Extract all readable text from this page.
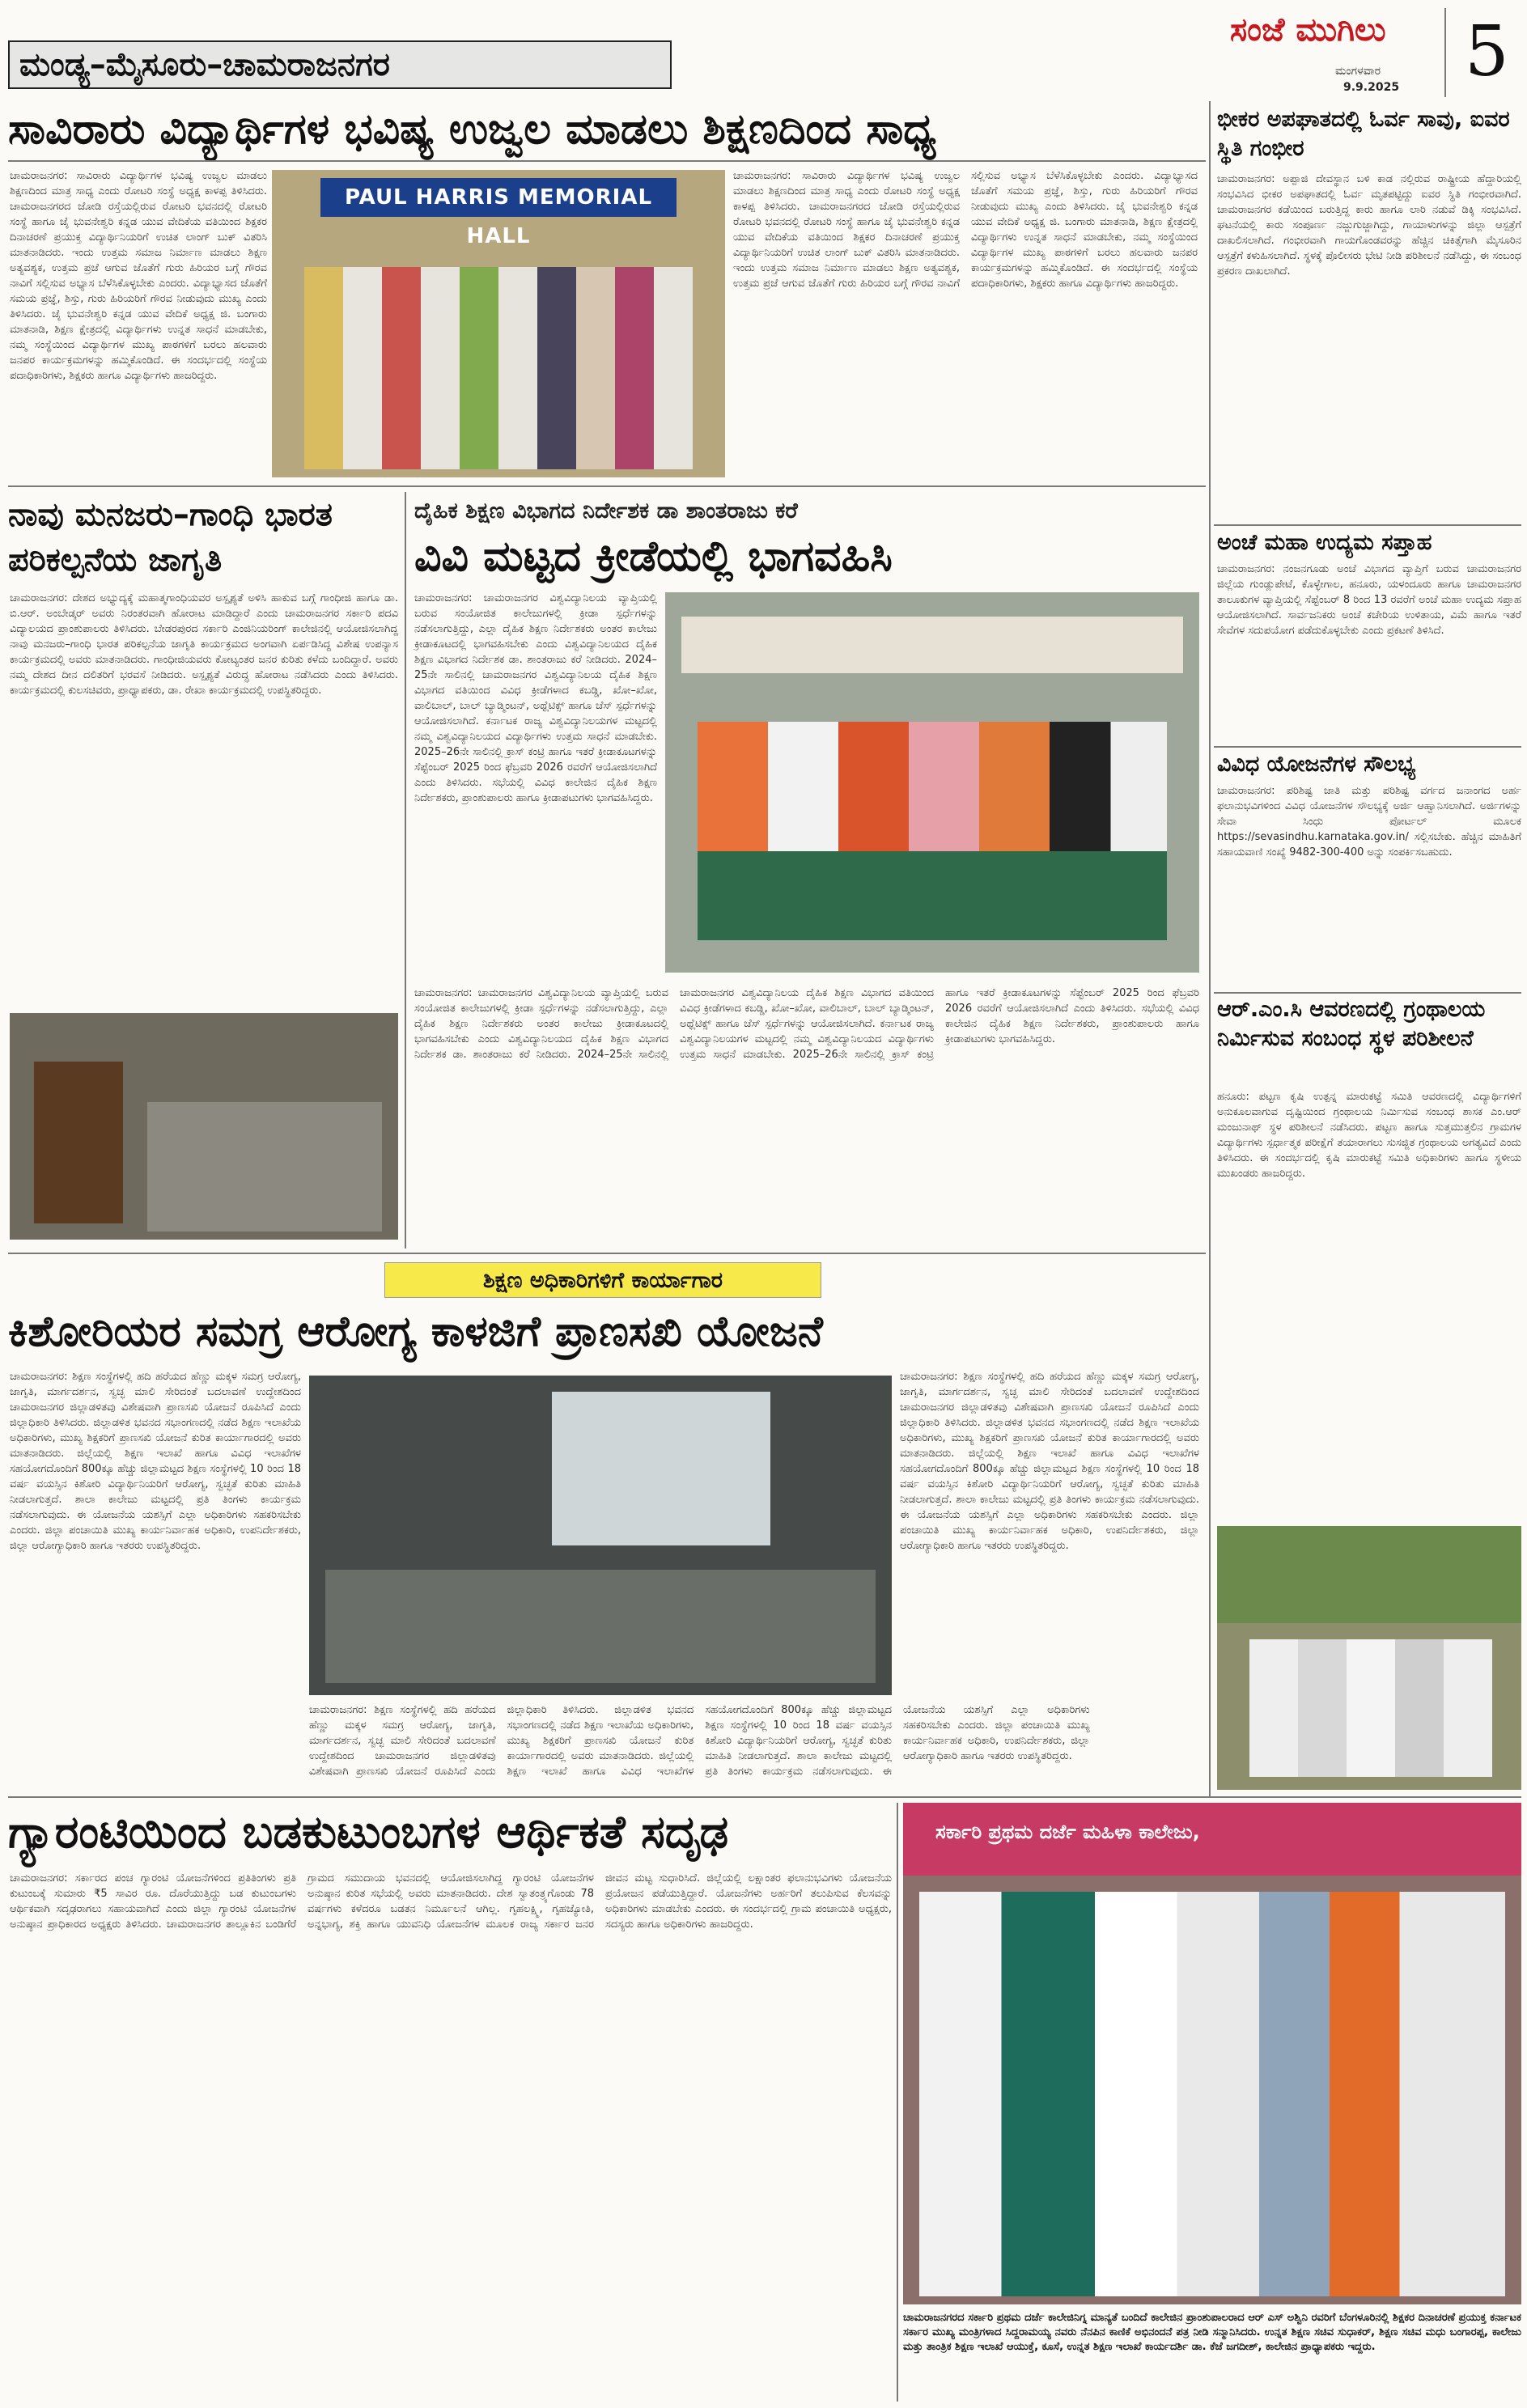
ಮಂಡ್ಯ–ಮೈಸೂರು–ಚಾಮರಾಜನಗರ
ಸಂಜೆ ಮುಗಿಲು
ಮಂಗಳವಾರ
9.9.2025 5
ಸಾವಿರಾರು ವಿದ್ಯಾರ್ಥಿಗಳ ಭವಿಷ್ಯ ಉಜ್ವಲ ಮಾಡಲು ಶಿಕ್ಷಣದಿಂದ ಸಾಧ್ಯ
ಚಾಮರಾಜನಗರ: ಸಾವಿರಾರು ವಿದ್ಯಾರ್ಥಿಗಳ ಭವಿಷ್ಯ ಉಜ್ವಲ ಮಾಡಲು ಶಿಕ್ಷಣದಿಂದ ಮಾತ್ರ ಸಾಧ್ಯ ಎಂದು ರೋಟರಿ ಸಂಸ್ಥೆ ಅಧ್ಯಕ್ಷ ಕಾಳಪ್ಪ ತಿಳಿಸಿದರು. ಚಾಮರಾಜನಗರದ ಜೋಡಿ ರಸ್ತೆಯಲ್ಲಿರುವ ರೋಟರಿ ಭವನದಲ್ಲಿ ರೋಟರಿ ಸಂಸ್ಥೆ ಹಾಗೂ ಜೈ ಭುವನೇಶ್ವರಿ ಕನ್ನಡ ಯುವ ವೇದಿಕೆಯ ವತಿಯಿಂದ ಶಿಕ್ಷಕರ ದಿನಾಚರಣೆ ಪ್ರಯುಕ್ತ ವಿದ್ಯಾರ್ಥಿನಿಯರಿಗೆ ಉಚಿತ ಲಾಂಗ್ ಬುಕ್ ವಿತರಿಸಿ ಮಾತನಾಡಿದರು. ಇಂದು ಉತ್ತಮ ಸಮಾಜ ನಿರ್ಮಾಣ ಮಾಡಲು ಶಿಕ್ಷಣ ಅತ್ಯವಶ್ಯಕ, ಉತ್ತಮ ಪ್ರಜೆ ಆಗುವ ಜೊತೆಗೆ ಗುರು ಹಿರಿಯರ ಬಗ್ಗೆ ಗೌರವ ನಾವಿಗೆ ಸಲ್ಲಿಸುವ ಅಭ್ಯಾಸ ಬೆಳೆಸಿಕೊಳ್ಳಬೇಕು ಎಂದರು. ವಿದ್ಯಾಭ್ಯಾಸದ ಜೊತೆಗೆ ಸಮಯ ಪ್ರಜ್ಞೆ, ಶಿಸ್ತು, ಗುರು ಹಿರಿಯರಿಗೆ ಗೌರವ ನೀಡುವುದು ಮುಖ್ಯ ಎಂದು ತಿಳಿಸಿದರು. ಜೈ ಭುವನೇಶ್ವರಿ ಕನ್ನಡ ಯುವ ವೇದಿಕೆ ಅಧ್ಯಕ್ಷ ಜಿ. ಬಂಗಾರು ಮಾತನಾಡಿ, ಶಿಕ್ಷಣ ಕ್ಷೇತ್ರದಲ್ಲಿ ವಿದ್ಯಾರ್ಥಿಗಳು ಉನ್ನತ ಸಾಧನೆ ಮಾಡಬೇಕು, ನಮ್ಮ ಸಂಸ್ಥೆಯಿಂದ ವಿದ್ಯಾರ್ಥಿಗಳ ಮುಖ್ಯ ಪಾಠಗಳಿಗೆ ಬರಲು ಹಲವಾರು ಜನಪರ ಕಾರ್ಯಕ್ರಮಗಳನ್ನು ಹಮ್ಮಿಕೊಂಡಿದೆ. ಈ ಸಂದರ್ಭದಲ್ಲಿ ಸಂಸ್ಥೆಯ ಪದಾಧಿಕಾರಿಗಳು, ಶಿಕ್ಷಕರು ಹಾಗೂ ವಿದ್ಯಾರ್ಥಿಗಳು ಹಾಜರಿದ್ದರು.
PAUL HARRIS MEMORIAL HALL
ಚಾಮರಾಜನಗರ: ಸಾವಿರಾರು ವಿದ್ಯಾರ್ಥಿಗಳ ಭವಿಷ್ಯ ಉಜ್ವಲ ಮಾಡಲು ಶಿಕ್ಷಣದಿಂದ ಮಾತ್ರ ಸಾಧ್ಯ ಎಂದು ರೋಟರಿ ಸಂಸ್ಥೆ ಅಧ್ಯಕ್ಷ ಕಾಳಪ್ಪ ತಿಳಿಸಿದರು. ಚಾಮರಾಜನಗರದ ಜೋಡಿ ರಸ್ತೆಯಲ್ಲಿರುವ ರೋಟರಿ ಭವನದಲ್ಲಿ ರೋಟರಿ ಸಂಸ್ಥೆ ಹಾಗೂ ಜೈ ಭುವನೇಶ್ವರಿ ಕನ್ನಡ ಯುವ ವೇದಿಕೆಯ ವತಿಯಿಂದ ಶಿಕ್ಷಕರ ದಿನಾಚರಣೆ ಪ್ರಯುಕ್ತ ವಿದ್ಯಾರ್ಥಿನಿಯರಿಗೆ ಉಚಿತ ಲಾಂಗ್ ಬುಕ್ ವಿತರಿಸಿ ಮಾತನಾಡಿದರು. ಇಂದು ಉತ್ತಮ ಸಮಾಜ ನಿರ್ಮಾಣ ಮಾಡಲು ಶಿಕ್ಷಣ ಅತ್ಯವಶ್ಯಕ, ಉತ್ತಮ ಪ್ರಜೆ ಆಗುವ ಜೊತೆಗೆ ಗುರು ಹಿರಿಯರ ಬಗ್ಗೆ ಗೌರವ ನಾವಿಗೆ ಸಲ್ಲಿಸುವ ಅಭ್ಯಾಸ ಬೆಳೆಸಿಕೊಳ್ಳಬೇಕು ಎಂದರು. ವಿದ್ಯಾಭ್ಯಾಸದ ಜೊತೆಗೆ ಸಮಯ ಪ್ರಜ್ಞೆ, ಶಿಸ್ತು, ಗುರು ಹಿರಿಯರಿಗೆ ಗೌರವ ನೀಡುವುದು ಮುಖ್ಯ ಎಂದು ತಿಳಿಸಿದರು. ಜೈ ಭುವನೇಶ್ವರಿ ಕನ್ನಡ ಯುವ ವೇದಿಕೆ ಅಧ್ಯಕ್ಷ ಜಿ. ಬಂಗಾರು ಮಾತನಾಡಿ, ಶಿಕ್ಷಣ ಕ್ಷೇತ್ರದಲ್ಲಿ ವಿದ್ಯಾರ್ಥಿಗಳು ಉನ್ನತ ಸಾಧನೆ ಮಾಡಬೇಕು, ನಮ್ಮ ಸಂಸ್ಥೆಯಿಂದ ವಿದ್ಯಾರ್ಥಿಗಳ ಮುಖ್ಯ ಪಾಠಗಳಿಗೆ ಬರಲು ಹಲವಾರು ಜನಪರ ಕಾರ್ಯಕ್ರಮಗಳನ್ನು ಹಮ್ಮಿಕೊಂಡಿದೆ. ಈ ಸಂದರ್ಭದಲ್ಲಿ ಸಂಸ್ಥೆಯ ಪದಾಧಿಕಾರಿಗಳು, ಶಿಕ್ಷಕರು ಹಾಗೂ ವಿದ್ಯಾರ್ಥಿಗಳು ಹಾಜರಿದ್ದರು.
ನಾವು ಮನಜರು–ಗಾಂಧಿ ಭಾರತ ಪರಿಕಲ್ಪನೆಯ ಜಾಗೃತಿ
ಚಾಮರಾಜನಗರ: ದೇಶದ ಅಭ್ಯುದ್ಯಕ್ಕೆ ಮಹಾತ್ಮಗಾಂಧಿಯವರ ಅಸ್ಪೃಶ್ಯತೆ ಅಳಿಸಿ ಹಾಕುವ ಬಗ್ಗೆ ಗಾಂಧೀಜಿ ಹಾಗೂ ಡಾ. ಬಿ.ಆರ್. ಅಂಬೇಡ್ಕರ್ ಅವರು ನಿರಂತರವಾಗಿ ಹೋರಾಟ ಮಾಡಿದ್ದಾರೆ ಎಂದು ಚಾಮರಾಜನಗರ ಸರ್ಕಾರಿ ಪದವಿ ವಿದ್ಯಾಲಯದ ಪ್ರಾಂಶುಪಾಲರು ತಿಳಿಸಿದರು. ಬೇಡರಪುರದ ಸರ್ಕಾರಿ ಎಂಜಿನಿಯರಿಂಗ್ ಕಾಲೇಜಿನಲ್ಲಿ ಆಯೋಜಿಸಲಾಗಿದ್ದ ನಾವು ಮನಜರು–ಗಾಂಧಿ ಭಾರತ ಪರಿಕಲ್ಪನೆಯ ಜಾಗೃತಿ ಕಾರ್ಯಕ್ರಮದ ಅಂಗವಾಗಿ ಏರ್ಪಡಿಸಿದ್ದ ವಿಶೇಷ ಉಪನ್ಯಾಸ ಕಾರ್ಯಕ್ರಮದಲ್ಲಿ ಅವರು ಮಾತನಾಡಿದರು. ಗಾಂಧೀಜಿಯವರು ಕೋಟ್ಯಂತರ ಜನರ ಕುರಿತು ಕಳೆದು ಬಂದಿದ್ದಾರೆ. ಅವರು ನಮ್ಮ ದೇಶದ ದೀನ ದಲಿತರಿಗೆ ಭರವಸೆ ನೀಡಿದರು. ಅಸ್ಪೃಶ್ಯತೆ ವಿರುದ್ಧ ಹೋರಾಟ ನಡೆಸಿದರು ಎಂದು ತಿಳಿಸಿದರು. ಕಾರ್ಯಕ್ರಮದಲ್ಲಿ ಕುಲಸಚಿವರು, ಪ್ರಾಧ್ಯಾಪಕರು, ಡಾ. ರೇಖಾ ಕಾರ್ಯಕ್ರಮದಲ್ಲಿ ಉಪಸ್ಥಿತರಿದ್ದರು.
ದೈಹಿಕ ಶಿಕ್ಷಣ ವಿಭಾಗದ ನಿರ್ದೇಶಕ ಡಾ ಶಾಂತರಾಜು ಕರೆ
ವಿವಿ ಮಟ್ಟದ ಕ್ರೀಡೆಯಲ್ಲಿ ಭಾಗವಹಿಸಿ
ಚಾಮರಾಜನಗರ: ಚಾಮರಾಜನಗರ ವಿಶ್ವವಿದ್ಯಾನಿಲಯ ವ್ಯಾಪ್ತಿಯಲ್ಲಿ ಬರುವ ಸಂಯೋಜಿತ ಕಾಲೇಜುಗಳಲ್ಲಿ ಕ್ರೀಡಾ ಸ್ಪರ್ಧೆಗಳನ್ನು ನಡೆಸಲಾಗುತ್ತಿದ್ದು, ಎಲ್ಲಾ ದೈಹಿಕ ಶಿಕ್ಷಣ ನಿರ್ದೇಶಕರು ಅಂತರ ಕಾಲೇಜು ಕ್ರೀಡಾಕೂಟದಲ್ಲಿ ಭಾಗವಹಿಸಬೇಕು ಎಂದು ವಿಶ್ವವಿದ್ಯಾನಿಲಯದ ದೈಹಿಕ ಶಿಕ್ಷಣ ವಿಭಾಗದ ನಿರ್ದೇಶಕ ಡಾ. ಶಾಂತರಾಜು ಕರೆ ನೀಡಿದರು. 2024–25ನೇ ಸಾಲಿನಲ್ಲಿ ಚಾಮರಾಜನಗರ ವಿಶ್ವವಿದ್ಯಾನಿಲಯ ದೈಹಿಕ ಶಿಕ್ಷಣ ವಿಭಾಗದ ವತಿಯಿಂದ ವಿವಿಧ ಕ್ರೀಡೆಗಳಾದ ಕಬಡ್ಡಿ, ಖೋ–ಖೋ, ವಾಲಿಬಾಲ್, ಬಾಲ್ ಬ್ಯಾಡ್ಮಿಂಟನ್, ಅಥ್ಲೆಟಿಕ್ಸ್ ಹಾಗೂ ಚೆಸ್ ಸ್ಪರ್ಧೆಗಳನ್ನು ಆಯೋಜಿಸಲಾಗಿದೆ. ಕರ್ನಾಟಕ ರಾಜ್ಯ ವಿಶ್ವವಿದ್ಯಾನಿಲಯಗಳ ಮಟ್ಟದಲ್ಲಿ ನಮ್ಮ ವಿಶ್ವವಿದ್ಯಾನಿಲಯದ ವಿದ್ಯಾರ್ಥಿಗಳು ಉತ್ತಮ ಸಾಧನೆ ಮಾಡಬೇಕು. 2025–26ನೇ ಸಾಲಿನಲ್ಲಿ ಕ್ರಾಸ್ ಕಂಟ್ರಿ ಹಾಗೂ ಇತರೆ ಕ್ರೀಡಾಕೂಟಗಳನ್ನು ಸೆಪ್ಟೆಂಬರ್ 2025 ರಿಂದ ಫೆಬ್ರವರಿ 2026 ರವರೆಗೆ ಆಯೋಜಿಸಲಾಗಿದೆ ಎಂದು ತಿಳಿಸಿದರು. ಸಭೆಯಲ್ಲಿ ವಿವಿಧ ಕಾಲೇಜಿನ ದೈಹಿಕ ಶಿಕ್ಷಣ ನಿರ್ದೇಶಕರು, ಪ್ರಾಂಶುಪಾಲರು ಹಾಗೂ ಕ್ರೀಡಾಪಟುಗಳು ಭಾಗವಹಿಸಿದ್ದರು.
ಚಾಮರಾಜನಗರ: ಚಾಮರಾಜನಗರ ವಿಶ್ವವಿದ್ಯಾನಿಲಯ ವ್ಯಾಪ್ತಿಯಲ್ಲಿ ಬರುವ ಸಂಯೋಜಿತ ಕಾಲೇಜುಗಳಲ್ಲಿ ಕ್ರೀಡಾ ಸ್ಪರ್ಧೆಗಳನ್ನು ನಡೆಸಲಾಗುತ್ತಿದ್ದು, ಎಲ್ಲಾ ದೈಹಿಕ ಶಿಕ್ಷಣ ನಿರ್ದೇಶಕರು ಅಂತರ ಕಾಲೇಜು ಕ್ರೀಡಾಕೂಟದಲ್ಲಿ ಭಾಗವಹಿಸಬೇಕು ಎಂದು ವಿಶ್ವವಿದ್ಯಾನಿಲಯದ ದೈಹಿಕ ಶಿಕ್ಷಣ ವಿಭಾಗದ ನಿರ್ದೇಶಕ ಡಾ. ಶಾಂತರಾಜು ಕರೆ ನೀಡಿದರು. 2024–25ನೇ ಸಾಲಿನಲ್ಲಿ ಚಾಮರಾಜನಗರ ವಿಶ್ವವಿದ್ಯಾನಿಲಯ ದೈಹಿಕ ಶಿಕ್ಷಣ ವಿಭಾಗದ ವತಿಯಿಂದ ವಿವಿಧ ಕ್ರೀಡೆಗಳಾದ ಕಬಡ್ಡಿ, ಖೋ–ಖೋ, ವಾಲಿಬಾಲ್, ಬಾಲ್ ಬ್ಯಾಡ್ಮಿಂಟನ್, ಅಥ್ಲೆಟಿಕ್ಸ್ ಹಾಗೂ ಚೆಸ್ ಸ್ಪರ್ಧೆಗಳನ್ನು ಆಯೋಜಿಸಲಾಗಿದೆ. ಕರ್ನಾಟಕ ರಾಜ್ಯ ವಿಶ್ವವಿದ್ಯಾನಿಲಯಗಳ ಮಟ್ಟದಲ್ಲಿ ನಮ್ಮ ವಿಶ್ವವಿದ್ಯಾನಿಲಯದ ವಿದ್ಯಾರ್ಥಿಗಳು ಉತ್ತಮ ಸಾಧನೆ ಮಾಡಬೇಕು. 2025–26ನೇ ಸಾಲಿನಲ್ಲಿ ಕ್ರಾಸ್ ಕಂಟ್ರಿ ಹಾಗೂ ಇತರೆ ಕ್ರೀಡಾಕೂಟಗಳನ್ನು ಸೆಪ್ಟೆಂಬರ್ 2025 ರಿಂದ ಫೆಬ್ರವರಿ 2026 ರವರೆಗೆ ಆಯೋಜಿಸಲಾಗಿದೆ ಎಂದು ತಿಳಿಸಿದರು. ಸಭೆಯಲ್ಲಿ ವಿವಿಧ ಕಾಲೇಜಿನ ದೈಹಿಕ ಶಿಕ್ಷಣ ನಿರ್ದೇಶಕರು, ಪ್ರಾಂಶುಪಾಲರು ಹಾಗೂ ಕ್ರೀಡಾಪಟುಗಳು ಭಾಗವಹಿಸಿದ್ದರು.
ಶಿಕ್ಷಣ ಅಧಿಕಾರಿಗಳಿಗೆ ಕಾರ್ಯಾಗಾರ
ಕಿಶೋರಿಯರ ಸಮಗ್ರ ಆರೋಗ್ಯ ಕಾಳಜಿಗೆ ಪ್ರಾಣಸಖಿ ಯೋಜನೆ
ಚಾಮರಾಜನಗರ: ಶಿಕ್ಷಣ ಸಂಸ್ಥೆಗಳಲ್ಲಿ ಹದಿ ಹರೆಯದ ಹೆಣ್ಣು ಮಕ್ಕಳ ಸಮಗ್ರ ಆರೋಗ್ಯ, ಜಾಗೃತಿ, ಮಾರ್ಗದರ್ಶನ, ಸ್ವಚ್ಛ ಮಾಲಿ ಸೇರಿದಂತೆ ಬದಲಾವಣೆ ಉದ್ದೇಶದಿಂದ ಚಾಮರಾಜನಗರ ಜಿಲ್ಲಾಡಳಿತವು ವಿಶೇಷವಾಗಿ ಪ್ರಾಣಸಖಿ ಯೋಜನೆ ರೂಪಿಸಿದೆ ಎಂದು ಜಿಲ್ಲಾಧಿಕಾರಿ ತಿಳಿಸಿದರು. ಜಿಲ್ಲಾಡಳಿತ ಭವನದ ಸಭಾಂಗಣದಲ್ಲಿ ನಡೆದ ಶಿಕ್ಷಣ ಇಲಾಖೆಯ ಅಧಿಕಾರಿಗಳು, ಮುಖ್ಯ ಶಿಕ್ಷಕರಿಗೆ ಪ್ರಾಣಸಖಿ ಯೋಜನೆ ಕುರಿತ ಕಾರ್ಯಾಗಾರದಲ್ಲಿ ಅವರು ಮಾತನಾಡಿದರು. ಜಿಲ್ಲೆಯಲ್ಲಿ ಶಿಕ್ಷಣ ಇಲಾಖೆ ಹಾಗೂ ವಿವಿಧ ಇಲಾಖೆಗಳ ಸಹಯೋಗದೊಂದಿಗೆ 800ಕ್ಕೂ ಹೆಚ್ಚು ಜಿಲ್ಲಾಮಟ್ಟದ ಶಿಕ್ಷಣ ಸಂಸ್ಥೆಗಳಲ್ಲಿ 10 ರಿಂದ 18 ವರ್ಷ ವಯಸ್ಸಿನ ಕಿಶೋರಿ ವಿದ್ಯಾರ್ಥಿನಿಯರಿಗೆ ಆರೋಗ್ಯ, ಸ್ವಚ್ಛತೆ ಕುರಿತು ಮಾಹಿತಿ ನೀಡಲಾಗುತ್ತದೆ. ಶಾಲಾ ಕಾಲೇಜು ಮಟ್ಟದಲ್ಲಿ ಪ್ರತಿ ತಿಂಗಳು ಕಾರ್ಯಕ್ರಮ ನಡೆಸಲಾಗುವುದು. ಈ ಯೋಜನೆಯ ಯಶಸ್ಸಿಗೆ ಎಲ್ಲಾ ಅಧಿಕಾರಿಗಳು ಸಹಕರಿಸಬೇಕು ಎಂದರು. ಜಿಲ್ಲಾ ಪಂಚಾಯಿತಿ ಮುಖ್ಯ ಕಾರ್ಯನಿರ್ವಾಹಕ ಅಧಿಕಾರಿ, ಉಪನಿರ್ದೇಶಕರು, ಜಿಲ್ಲಾ ಆರೋಗ್ಯಾಧಿಕಾರಿ ಹಾಗೂ ಇತರರು ಉಪಸ್ಥಿತರಿದ್ದರು.
ಚಾಮರಾಜನಗರ: ಶಿಕ್ಷಣ ಸಂಸ್ಥೆಗಳಲ್ಲಿ ಹದಿ ಹರೆಯದ ಹೆಣ್ಣು ಮಕ್ಕಳ ಸಮಗ್ರ ಆರೋಗ್ಯ, ಜಾಗೃತಿ, ಮಾರ್ಗದರ್ಶನ, ಸ್ವಚ್ಛ ಮಾಲಿ ಸೇರಿದಂತೆ ಬದಲಾವಣೆ ಉದ್ದೇಶದಿಂದ ಚಾಮರಾಜನಗರ ಜಿಲ್ಲಾಡಳಿತವು ವಿಶೇಷವಾಗಿ ಪ್ರಾಣಸಖಿ ಯೋಜನೆ ರೂಪಿಸಿದೆ ಎಂದು ಜಿಲ್ಲಾಧಿಕಾರಿ ತಿಳಿಸಿದರು. ಜಿಲ್ಲಾಡಳಿತ ಭವನದ ಸಭಾಂಗಣದಲ್ಲಿ ನಡೆದ ಶಿಕ್ಷಣ ಇಲಾಖೆಯ ಅಧಿಕಾರಿಗಳು, ಮುಖ್ಯ ಶಿಕ್ಷಕರಿಗೆ ಪ್ರಾಣಸಖಿ ಯೋಜನೆ ಕುರಿತ ಕಾರ್ಯಾಗಾರದಲ್ಲಿ ಅವರು ಮಾತನಾಡಿದರು. ಜಿಲ್ಲೆಯಲ್ಲಿ ಶಿಕ್ಷಣ ಇಲಾಖೆ ಹಾಗೂ ವಿವಿಧ ಇಲಾಖೆಗಳ ಸಹಯೋಗದೊಂದಿಗೆ 800ಕ್ಕೂ ಹೆಚ್ಚು ಜಿಲ್ಲಾಮಟ್ಟದ ಶಿಕ್ಷಣ ಸಂಸ್ಥೆಗಳಲ್ಲಿ 10 ರಿಂದ 18 ವರ್ಷ ವಯಸ್ಸಿನ ಕಿಶೋರಿ ವಿದ್ಯಾರ್ಥಿನಿಯರಿಗೆ ಆರೋಗ್ಯ, ಸ್ವಚ್ಛತೆ ಕುರಿತು ಮಾಹಿತಿ ನೀಡಲಾಗುತ್ತದೆ. ಶಾಲಾ ಕಾಲೇಜು ಮಟ್ಟದಲ್ಲಿ ಪ್ರತಿ ತಿಂಗಳು ಕಾರ್ಯಕ್ರಮ ನಡೆಸಲಾಗುವುದು. ಈ ಯೋಜನೆಯ ಯಶಸ್ಸಿಗೆ ಎಲ್ಲಾ ಅಧಿಕಾರಿಗಳು ಸಹಕರಿಸಬೇಕು ಎಂದರು. ಜಿಲ್ಲಾ ಪಂಚಾಯಿತಿ ಮುಖ್ಯ ಕಾರ್ಯನಿರ್ವಾಹಕ ಅಧಿಕಾರಿ, ಉಪನಿರ್ದೇಶಕರು, ಜಿಲ್ಲಾ ಆರೋಗ್ಯಾಧಿಕಾರಿ ಹಾಗೂ ಇತರರು ಉಪಸ್ಥಿತರಿದ್ದರು.
ಚಾಮರಾಜನಗರ: ಶಿಕ್ಷಣ ಸಂಸ್ಥೆಗಳಲ್ಲಿ ಹದಿ ಹರೆಯದ ಹೆಣ್ಣು ಮಕ್ಕಳ ಸಮಗ್ರ ಆರೋಗ್ಯ, ಜಾಗೃತಿ, ಮಾರ್ಗದರ್ಶನ, ಸ್ವಚ್ಛ ಮಾಲಿ ಸೇರಿದಂತೆ ಬದಲಾವಣೆ ಉದ್ದೇಶದಿಂದ ಚಾಮರಾಜನಗರ ಜಿಲ್ಲಾಡಳಿತವು ವಿಶೇಷವಾಗಿ ಪ್ರಾಣಸಖಿ ಯೋಜನೆ ರೂಪಿಸಿದೆ ಎಂದು ಜಿಲ್ಲಾಧಿಕಾರಿ ತಿಳಿಸಿದರು. ಜಿಲ್ಲಾಡಳಿತ ಭವನದ ಸಭಾಂಗಣದಲ್ಲಿ ನಡೆದ ಶಿಕ್ಷಣ ಇಲಾಖೆಯ ಅಧಿಕಾರಿಗಳು, ಮುಖ್ಯ ಶಿಕ್ಷಕರಿಗೆ ಪ್ರಾಣಸಖಿ ಯೋಜನೆ ಕುರಿತ ಕಾರ್ಯಾಗಾರದಲ್ಲಿ ಅವರು ಮಾತನಾಡಿದರು. ಜಿಲ್ಲೆಯಲ್ಲಿ ಶಿಕ್ಷಣ ಇಲಾಖೆ ಹಾಗೂ ವಿವಿಧ ಇಲಾಖೆಗಳ ಸಹಯೋಗದೊಂದಿಗೆ 800ಕ್ಕೂ ಹೆಚ್ಚು ಜಿಲ್ಲಾಮಟ್ಟದ ಶಿಕ್ಷಣ ಸಂಸ್ಥೆಗಳಲ್ಲಿ 10 ರಿಂದ 18 ವರ್ಷ ವಯಸ್ಸಿನ ಕಿಶೋರಿ ವಿದ್ಯಾರ್ಥಿನಿಯರಿಗೆ ಆರೋಗ್ಯ, ಸ್ವಚ್ಛತೆ ಕುರಿತು ಮಾಹಿತಿ ನೀಡಲಾಗುತ್ತದೆ. ಶಾಲಾ ಕಾಲೇಜು ಮಟ್ಟದಲ್ಲಿ ಪ್ರತಿ ತಿಂಗಳು ಕಾರ್ಯಕ್ರಮ ನಡೆಸಲಾಗುವುದು. ಈ ಯೋಜನೆಯ ಯಶಸ್ಸಿಗೆ ಎಲ್ಲಾ ಅಧಿಕಾರಿಗಳು ಸಹಕರಿಸಬೇಕು ಎಂದರು. ಜಿಲ್ಲಾ ಪಂಚಾಯಿತಿ ಮುಖ್ಯ ಕಾರ್ಯನಿರ್ವಾಹಕ ಅಧಿಕಾರಿ, ಉಪನಿರ್ದೇಶಕರು, ಜಿಲ್ಲಾ ಆರೋಗ್ಯಾಧಿಕಾರಿ ಹಾಗೂ ಇತರರು ಉಪಸ್ಥಿತರಿದ್ದರು.
ಗ್ಯಾರಂಟಿಯಿಂದ ಬಡಕುಟುಂಬಗಳ ಆರ್ಥಿಕತೆ ಸದೃಢ
ಚಾಮರಾಜನಗರ: ಸರ್ಕಾರದ ಪಂಚ ಗ್ಯಾರಂಟಿ ಯೋಜನೆಗಳಿಂದ ಪ್ರತಿತಿಂಗಳು ಪ್ರತಿ ಕುಟುಂಬಕ್ಕೆ ಸುಮಾರು ₹5 ಸಾವಿರ ರೂ. ದೊರೆಯುತ್ತಿದ್ದು ಬಡ ಕುಟುಂಬಗಳು ಆರ್ಥಿಕವಾಗಿ ಸದೃಢರಾಗಲು ಸಹಾಯವಾಗಿದೆ ಎಂದು ಜಿಲ್ಲಾ ಗ್ಯಾರಂಟಿ ಯೋಜನೆಗಳ ಅನುಷ್ಠಾನ ಪ್ರಾಧಿಕಾರದ ಅಧ್ಯಕ್ಷರು ತಿಳಿಸಿದರು. ಚಾಮರಾಜನಗರ ತಾಲ್ಲೂಕಿನ ಬಂಡಿಗೆರೆ ಗ್ರಾಮದ ಸಮುದಾಯ ಭವನದಲ್ಲಿ ಆಯೋಜಿಸಲಾಗಿದ್ದ ಗ್ಯಾರಂಟಿ ಯೋಜನೆಗಳ ಅನುಷ್ಠಾನ ಕುರಿತ ಸಭೆಯಲ್ಲಿ ಅವರು ಮಾತನಾಡಿದರು. ದೇಶ ಸ್ವಾತಂತ್ರ್ಯಗೊಂಡು 78 ವರ್ಷಗಳು ಕಳೆದರೂ ಬಡತನ ನಿರ್ಮೂಲನೆ ಆಗಿಲ್ಲ. ಗೃಹಲಕ್ಷ್ಮಿ, ಗೃಹಜ್ಯೋತಿ, ಅನ್ನಭಾಗ್ಯ, ಶಕ್ತಿ ಹಾಗೂ ಯುವನಿಧಿ ಯೋಜನೆಗಳ ಮೂಲಕ ರಾಜ್ಯ ಸರ್ಕಾರ ಜನರ ಜೀವನ ಮಟ್ಟ ಸುಧಾರಿಸಿದೆ. ಜಿಲ್ಲೆಯಲ್ಲಿ ಲಕ್ಷಾಂತರ ಫಲಾನುಭವಿಗಳು ಯೋಜನೆಯ ಪ್ರಯೋಜನ ಪಡೆಯುತ್ತಿದ್ದಾರೆ. ಯೋಜನೆಗಳು ಅರ್ಹರಿಗೆ ತಲುಪಿಸುವ ಕೆಲಸವನ್ನು ಅಧಿಕಾರಿಗಳು ಮಾಡಬೇಕು ಎಂದರು. ಈ ಸಂದರ್ಭದಲ್ಲಿ ಗ್ರಾಮ ಪಂಚಾಯಿತಿ ಅಧ್ಯಕ್ಷರು, ಸದಸ್ಯರು ಹಾಗೂ ಅಧಿಕಾರಿಗಳು ಹಾಜರಿದ್ದರು.
ಸರ್ಕಾರಿ ಪ್ರಥಮ ದರ್ಜೆ ಮಹಿಳಾ ಕಾಲೇಜು,
ಚಾಮರಾಜನಗರದ ಸರ್ಕಾರಿ ಪ್ರಥಮ ದರ್ಜೆ ಕಾಲೇಜಿನಿಗ್ನ ಮಾನ್ಯತೆ ಬಂದಿದೆ ಕಾಲೇಜಿನ ಪ್ರಾಂಶುಪಾಲರಾದ ಆರ್ ಎಸ್ ಅಶ್ವಿನಿ ರವರಿಗೆ ಬೆಂಗಳೂರಿನಲ್ಲಿ ಶಿಕ್ಷಕರ ದಿನಾಚರಣೆ ಪ್ರಯುಕ್ತ ಕರ್ನಾಟಕ ಸರ್ಕಾರ ಮುಖ್ಯ ಮಂತ್ರಿಗಳಾದ ಸಿದ್ದರಾಮಯ್ಯ ನವರು ನೆನಪಿನ ಕಾಣಿಕೆ ಅಭಿನಂದನೆ ಪತ್ರ ನೀಡಿ ಸನ್ಮಾನಿಸಿದರು. ಉನ್ನತ ಶಿಕ್ಷಣ ಸಚಿವ ಸುಧಾಕರ್, ಶಿಕ್ಷಣ ಸಚಿವ ಮಧು ಬಂಗಾರಪ್ಪ, ಕಾಲೇಜು ಮತ್ತು ತಾಂತ್ರಿಕ ಶಿಕ್ಷಣ ಇಲಾಖೆ ಆಯುಕ್ತೆ, ಕೂಸೆ, ಉನ್ನತ ಶಿಕ್ಷಣ ಇಲಾಖೆ ಕಾರ್ಯದರ್ಶಿ ಡಾ. ಕೆಜೆ ಜಗದೀಶ್, ಕಾಲೇಜಿನ ಪ್ರಾಧ್ಯಾಪಕರು ಇದ್ದರು.
ಭೀಕರ ಅಪಘಾತದಲ್ಲಿ ಓರ್ವ ಸಾವು, ಐವರ ಸ್ಥಿತಿ ಗಂಭೀರ
ಚಾಮರಾಜನಗರ: ಅಪ್ಪಾಜಿ ದೇವಸ್ಥಾನ ಬಳಿ ಕಾಡ ನಲ್ಲಿರುವ ರಾಷ್ಟ್ರೀಯ ಹೆದ್ದಾರಿಯಲ್ಲಿ ಸಂಭವಿಸಿದ ಭೀಕರ ಅಪಘಾತದಲ್ಲಿ ಓರ್ವ ಮೃತಪಟ್ಟಿದ್ದು ಐವರ ಸ್ಥಿತಿ ಗಂಭೀರವಾಗಿದೆ. ಚಾಮರಾಜನಗರ ಕಡೆಯಿಂದ ಬರುತ್ತಿದ್ದ ಕಾರು ಹಾಗೂ ಲಾರಿ ನಡುವೆ ಡಿಕ್ಕಿ ಸಂಭವಿಸಿದೆ. ಘಟನೆಯಲ್ಲಿ ಕಾರು ಸಂಪೂರ್ಣ ನಜ್ಜುಗುಜ್ಜಾಗಿದ್ದು, ಗಾಯಾಳುಗಳನ್ನು ಜಿಲ್ಲಾ ಆಸ್ಪತ್ರೆಗೆ ದಾಖಲಿಸಲಾಗಿದೆ. ಗಂಭೀರವಾಗಿ ಗಾಯಗೊಂಡವರನ್ನು ಹೆಚ್ಚಿನ ಚಿಕಿತ್ಸೆಗಾಗಿ ಮೈಸೂರಿನ ಆಸ್ಪತ್ರೆಗೆ ಕಳುಹಿಸಲಾಗಿದೆ. ಸ್ಥಳಕ್ಕೆ ಪೊಲೀಸರು ಭೇಟಿ ನೀಡಿ ಪರಿಶೀಲನೆ ನಡೆಸಿದ್ದು, ಈ ಸಂಬಂಧ ಪ್ರಕರಣ ದಾಖಲಾಗಿದೆ.
ಅಂಚೆ ಮಹಾ ಉದ್ಯಮ ಸಪ್ತಾಹ
ಚಾಮರಾಜನಗರ: ನಂಜನಗೂಡು ಅಂಚೆ ವಿಭಾಗದ ವ್ಯಾಪ್ತಿಗೆ ಬರುವ ಚಾಮರಾಜನಗರ ಜಿಲ್ಲೆಯ ಗುಂಡ್ಲುಪೇಟೆ, ಕೊಳ್ಳೇಗಾಲ, ಹನೂರು, ಯಳಂದೂರು ಹಾಗೂ ಚಾಮರಾಜನಗರ ತಾಲೂಕುಗಳ ವ್ಯಾಪ್ತಿಯಲ್ಲಿ ಸೆಪ್ಟೆಂಬರ್ 8 ರಿಂದ 13 ರವರೆಗೆ ಅಂಚೆ ಮಹಾ ಉದ್ಯಮ ಸಪ್ತಾಹ ಆಯೋಜಿಸಲಾಗಿದೆ. ಸಾರ್ವಜನಿಕರು ಅಂಚೆ ಕಚೇರಿಯ ಉಳಿತಾಯ, ವಿಮೆ ಹಾಗೂ ಇತರೆ ಸೇವೆಗಳ ಸದುಪಯೋಗ ಪಡೆದುಕೊಳ್ಳಬೇಕು ಎಂದು ಪ್ರಕಟಣೆ ತಿಳಿಸಿದೆ.
ವಿವಿಧ ಯೋಜನೆಗಳ ಸೌಲಭ್ಯ
ಚಾಮರಾಜನಗರ: ಪರಿಶಿಷ್ಟ ಜಾತಿ ಮತ್ತು ಪರಿಶಿಷ್ಟ ವರ್ಗದ ಜನಾಂಗದ ಅರ್ಹ ಫಲಾನುಭವಿಗಳಿಂದ ವಿವಿಧ ಯೋಜನೆಗಳ ಸೌಲಭ್ಯಕ್ಕೆ ಅರ್ಜಿ ಆಹ್ವಾನಿಸಲಾಗಿದೆ. ಅರ್ಜಿಗಳನ್ನು ಸೇವಾ ಸಿಂಧು ಪೋರ್ಟಲ್ ಮೂಲಕ https://sevasindhu.karnataka.gov.in/ ಸಲ್ಲಿಸಬೇಕು. ಹೆಚ್ಚಿನ ಮಾಹಿತಿಗೆ ಸಹಾಯವಾಣಿ ಸಂಖ್ಯೆ 9482-300-400 ಅನ್ನು ಸಂಪರ್ಕಿಸಬಹುದು.
ಆರ್.ಎಂ.ಸಿ ಆವರಣದಲ್ಲಿ ಗ್ರಂಥಾಲಯ ನಿರ್ಮಿಸುವ ಸಂಬಂಧ ಸ್ಥಳ ಪರಿಶೀಲನೆ
ಹನೂರು: ಪಟ್ಟಣ ಕೃಷಿ ಉತ್ಪನ್ನ ಮಾರುಕಟ್ಟೆ ಸಮಿತಿ ಆವರಣದಲ್ಲಿ ವಿದ್ಯಾರ್ಥಿಗಳಿಗೆ ಅನುಕೂಲವಾಗುವ ದೃಷ್ಟಿಯಿಂದ ಗ್ರಂಥಾಲಯ ನಿರ್ಮಿಸುವ ಸಂಬಂಧ ಶಾಸಕ ಎಂ.ಆರ್ ಮಂಜುನಾಥ್ ಸ್ಥಳ ಪರಿಶೀಲನೆ ನಡೆಸಿದರು. ಪಟ್ಟಣ ಹಾಗೂ ಸುತ್ತಮುತ್ತಲಿನ ಗ್ರಾಮಗಳ ವಿದ್ಯಾರ್ಥಿಗಳು ಸ್ಪರ್ಧಾತ್ಮಕ ಪರೀಕ್ಷೆಗೆ ತಯಾರಾಗಲು ಸುಸಜ್ಜಿತ ಗ್ರಂಥಾಲಯ ಅಗತ್ಯವಿದೆ ಎಂದು ತಿಳಿಸಿದರು. ಈ ಸಂದರ್ಭದಲ್ಲಿ ಕೃಷಿ ಮಾರುಕಟ್ಟೆ ಸಮಿತಿ ಅಧಿಕಾರಿಗಳು ಹಾಗೂ ಸ್ಥಳೀಯ ಮುಖಂಡರು ಹಾಜರಿದ್ದರು.
